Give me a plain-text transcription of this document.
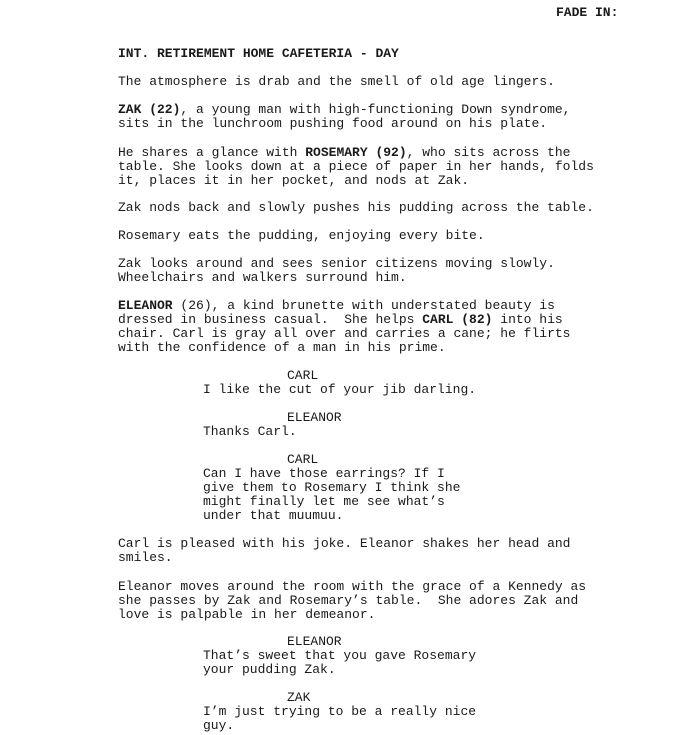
FADE IN:
INT. RETIREMENT HOME CAFETERIA - DAY
The atmosphere is drab and the smell of old age lingers.
ZAK (22), a young man with high-functioning Down syndrome,
sits in the lunchroom pushing food around on his plate.
He shares a glance with ROSEMARY (92), who sits across the
table. She looks down at a piece of paper in her hands, folds
it, places it in her pocket, and nods at Zak.
Zak nods back and slowly pushes his pudding across the table.
Rosemary eats the pudding, enjoying every bite.
Zak looks around and sees senior citizens moving slowly.
Wheelchairs and walkers surround him.
ELEANOR (26), a kind brunette with understated beauty is
dressed in business casual.  She helps CARL (82) into his
chair. Carl is gray all over and carries a cane; he flirts
with the confidence of a man in his prime.
CARL
I like the cut of your jib darling.
ELEANOR
Thanks Carl.
CARL
Can I have those earrings? If I
give them to Rosemary I think she
might finally let me see what’s
under that muumuu.
Carl is pleased with his joke. Eleanor shakes her head and
smiles.
Eleanor moves around the room with the grace of a Kennedy as
she passes by Zak and Rosemary’s table.  She adores Zak and
love is palpable in her demeanor.
ELEANOR
That’s sweet that you gave Rosemary
your pudding Zak.
ZAK
I’m just trying to be a really nice
guy.
